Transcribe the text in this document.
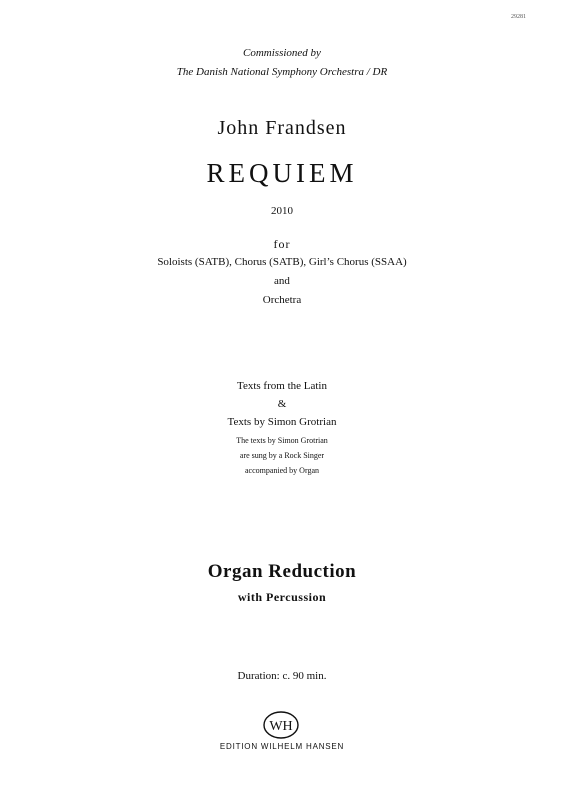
29281
Commissioned by
The Danish National Symphony Orchestra / DR
John Frandsen
REQUIEM
2010
for
Soloists (SATB), Chorus (SATB), Girl’s Chorus (SSAA)
and
Orchetra
Texts from the Latin
&
Texts by Simon Grotrian
The texts by Simon Grotrian
are sung by a Rock Singer
accompanied by Organ
Organ Reduction
with Percussion
Duration: c. 90 min.
WH
EDITION WILHELM HANSEN
